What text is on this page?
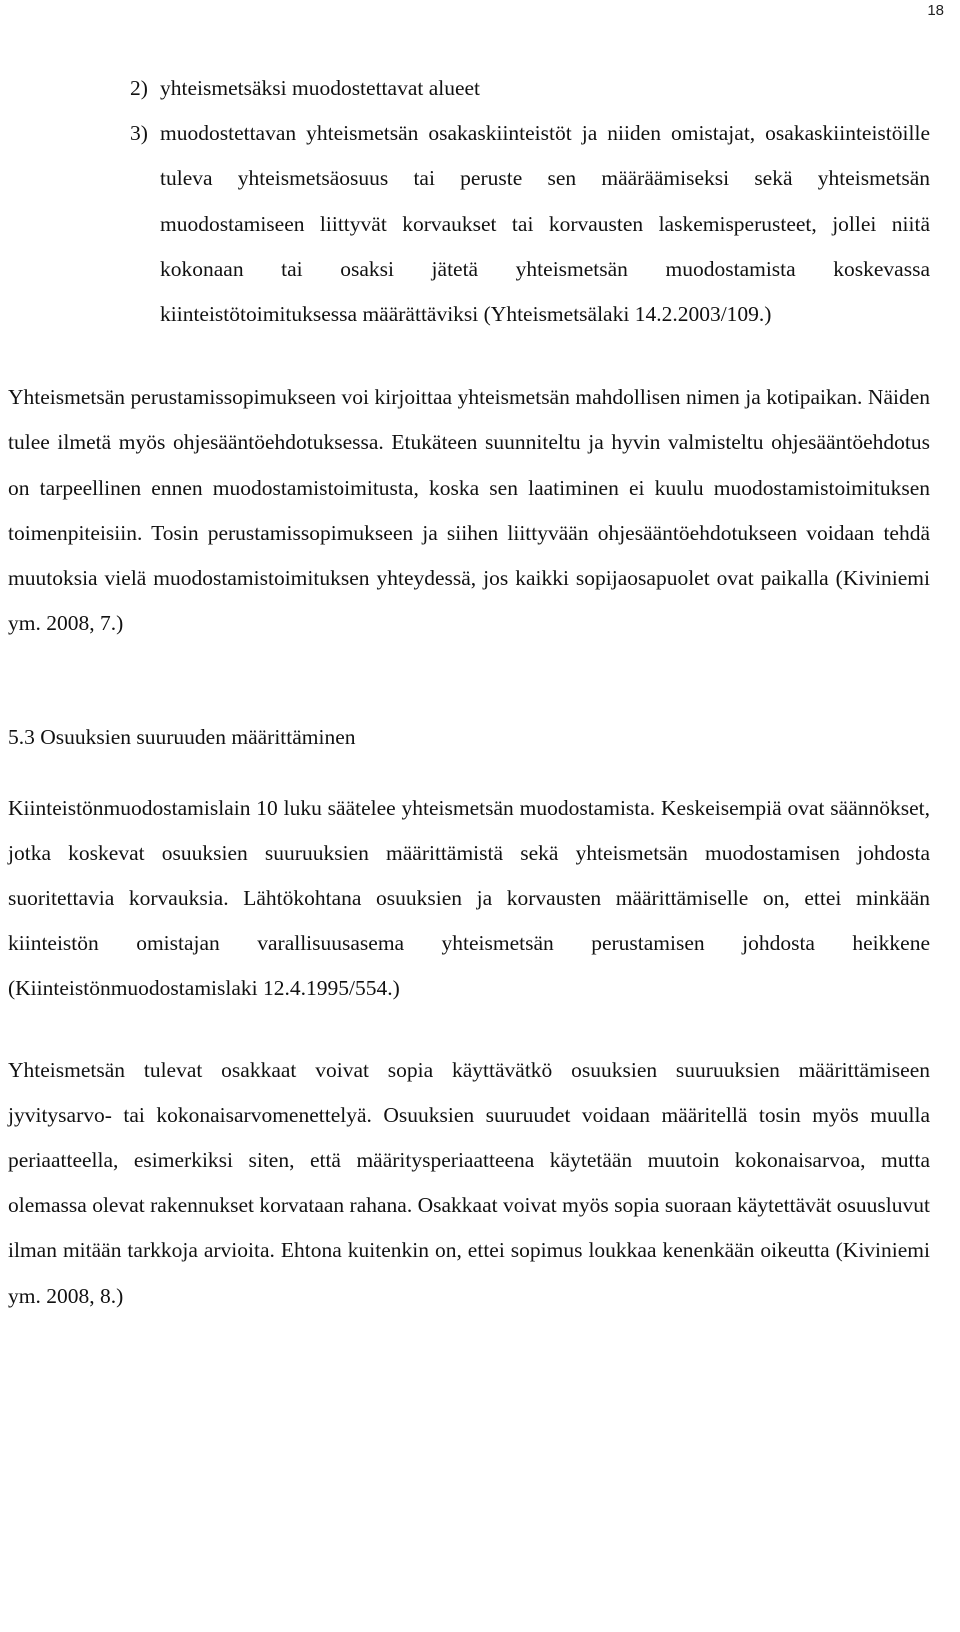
18
2) yhteismetsäksi muodostettavat alueet
3) muodostettavan yhteismetsän osakaskiinteistöt ja niiden omistajat, osakaskiinteistöille tuleva yhteismetsäosuus tai peruste sen määräämiseksi sekä yhteismetsän muodostamiseen liittyvät korvaukset tai korvausten laskemisperusteet, jollei niitä kokonaan tai osaksi jätetä yhteismetsän muodostamista koskevassa kiinteistötoimituksessa määrättäviksi (Yhteismetsälaki 14.2.2003/109.)

Yhteismetsän perustamissopimukseen voi kirjoittaa yhteismetsän mahdollisen nimen ja kotipaikan. Näiden tulee ilmetä myös ohjesääntöehdotuksessa. Etukäteen suunniteltu ja hyvin valmisteltu ohjesääntöehdotus on tarpeellinen ennen muodostamistoimitusta, koska sen laatiminen ei kuulu muodostamistoimituksen toimenpiteisiin. Tosin perustamissopimukseen ja siihen liittyvään ohjesääntöehdotukseen voidaan tehdä muutoksia vielä muodostamistoimituksen yhteydessä, jos kaikki sopijaosapuolet ovat paikalla (Kiviniemi ym. 2008, 7.)

5.3 Osuuksien suuruuden määrittäminen

Kiinteistönmuodostamislain 10 luku säätelee yhteismetsän muodostamista. Keskeisempiä ovat säännökset, jotka koskevat osuuksien suuruuksien määrittämistä sekä yhteismetsän muodostamisen johdosta suoritettavia korvauksia. Lähtökohtana osuuksien ja korvausten määrittämiselle on, ettei minkään kiinteistön omistajan varallisuusasema yhteismetsän perustamisen johdosta heikkene (Kiinteistönmuodostamislaki 12.4.1995/554.)

Yhteismetsän tulevat osakkaat voivat sopia käyttävätkö osuuksien suuruuksien määrittämiseen jyvitysarvo- tai kokonaisarvomenettelyä. Osuuksien suuruudet voidaan määritellä tosin myös muulla periaatteella, esimerkiksi siten, että määritysperiaatteena käytetään muutoin kokonaisarvoa, mutta olemassa olevat rakennukset korvataan rahana. Osakkaat voivat myös sopia suoraan käytettävät osuusluvut ilman mitään tarkkoja arvioita. Ehtona kuitenkin on, ettei sopimus loukkaa kenenkään oikeutta (Kiviniemi ym. 2008, 8.)
